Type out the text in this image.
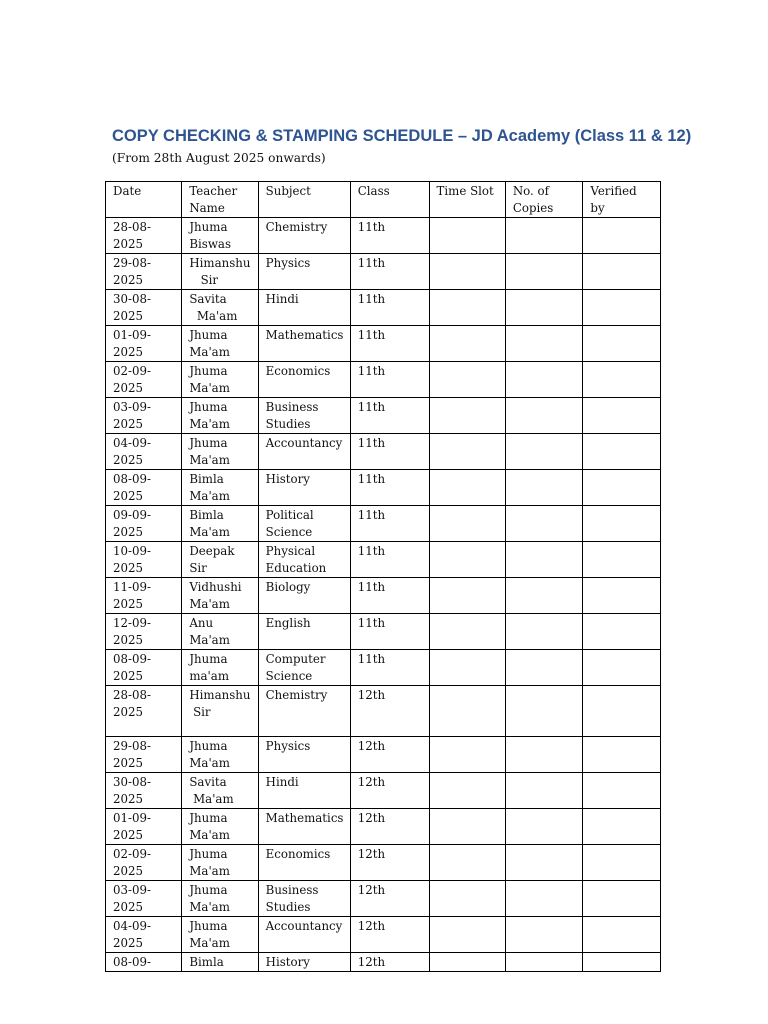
COPY CHECKING & STAMPING SCHEDULE – JD Academy (Class 11 & 12)

(From 28th August 2025 onwards)

Date	Teacher Name	Subject	Class	Time Slot	No. of Copies	Verified by

28-08-
2025	Jhuma
Biswas	Chemistry	11th			

29-08-
2025	Himanshu
Sir	Physics	11th			

30-08-
2025	Savita
Ma'am	Hindi	11th			

01-09-
2025	Jhuma
Ma'am	Mathematics	11th			

02-09-
2025	Jhuma
Ma'am	Economics	11th			

03-09-
2025	Jhuma
Ma'am	Business
Studies	11th			

04-09-
2025	Jhuma
Ma'am	Accountancy	11th			

08-09-
2025	Bimla
Ma'am	History	11th			

09-09-
2025	Bimla
Ma'am	Political
Science	11th			

10-09-
2025	Deepak
Sir	Physical
Education	11th			

11-09-
2025	Vidhushi
Ma'am	Biology	11th			

12-09-
2025	Anu
Ma'am	English	11th			

08-09-
2025	Jhuma
ma'am	Computer
Science	11th			

28-08-
2025	Himanshu
Sir	Chemistry	12th			

29-08-
2025	Jhuma
Ma'am	Physics	12th			

30-08-
2025	Savita
Ma'am	Hindi	12th			

01-09-
2025	Jhuma
Ma'am	Mathematics	12th			

02-09-
2025	Jhuma
Ma'am	Economics	12th			

03-09-
2025	Jhuma
Ma'am	Business
Studies	12th			

04-09-
2025	Jhuma
Ma'am	Accountancy	12th			

08-09-	Bimla	History	12th			
